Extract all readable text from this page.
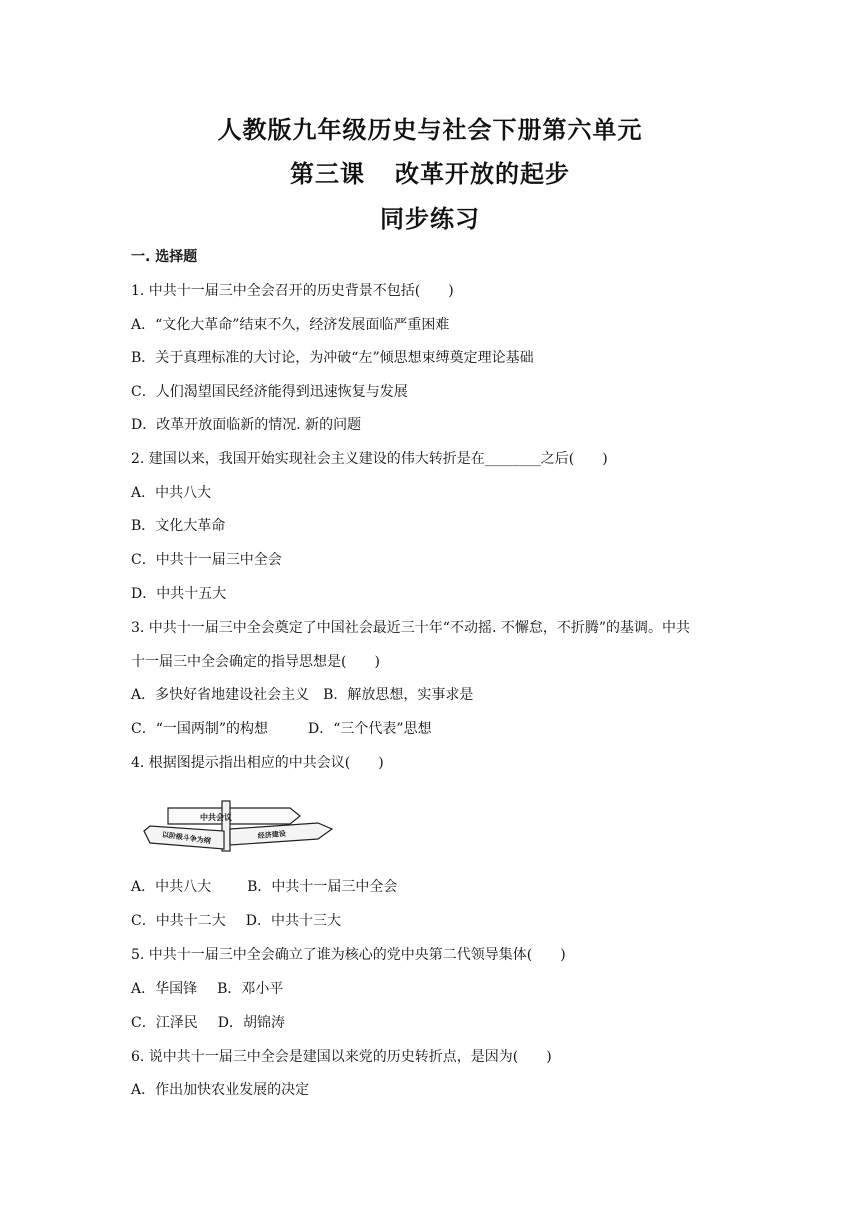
人教版九年级历史与社会下册第六单元
第三课 改革开放的起步
同步练习
一. 选择题
1. 中共十一届三中全会召开的历史背景不包括(　　)
A．“文化大革命”结束不久，经济发展面临严重困难
B．关于真理标准的大讨论，为冲破“左”倾思想束缚奠定理论基础
C．人们渴望国民经济能得到迅速恢复与发展
D．改革开放面临新的情况. 新的问题
2. 建国以来，我国开始实现社会主义建设的伟大转折是在________之后(　　)
A．中共八大
B．文化大革命
C．中共十一届三中全会
D．中共十五大
3. 中共十一届三中全会奠定了中国社会最近三十年“不动摇. 不懈怠，不折腾”的基调。中共
十一届三中全会确定的指导思想是(　　)
A．多快好省地建设社会主义 B．解放思想，实事求是
C．“一国两制”的构想	D．“三个代表”思想
4. 根据图提示指出相应的中共会议(　　)
中共会议
以阶级斗争为纲	经济建设
A．中共八大	B．中共十一届三中全会
C．中共十二大 D．中共十三大
5. 中共十一届三中全会确立了谁为核心的党中央第二代领导集体(　　)
A．华国锋 B．邓小平
C．江泽民 D．胡锦涛
6. 说中共十一届三中全会是建国以来党的历史转折点，是因为(　　)
A．作出加快农业发展的决定
